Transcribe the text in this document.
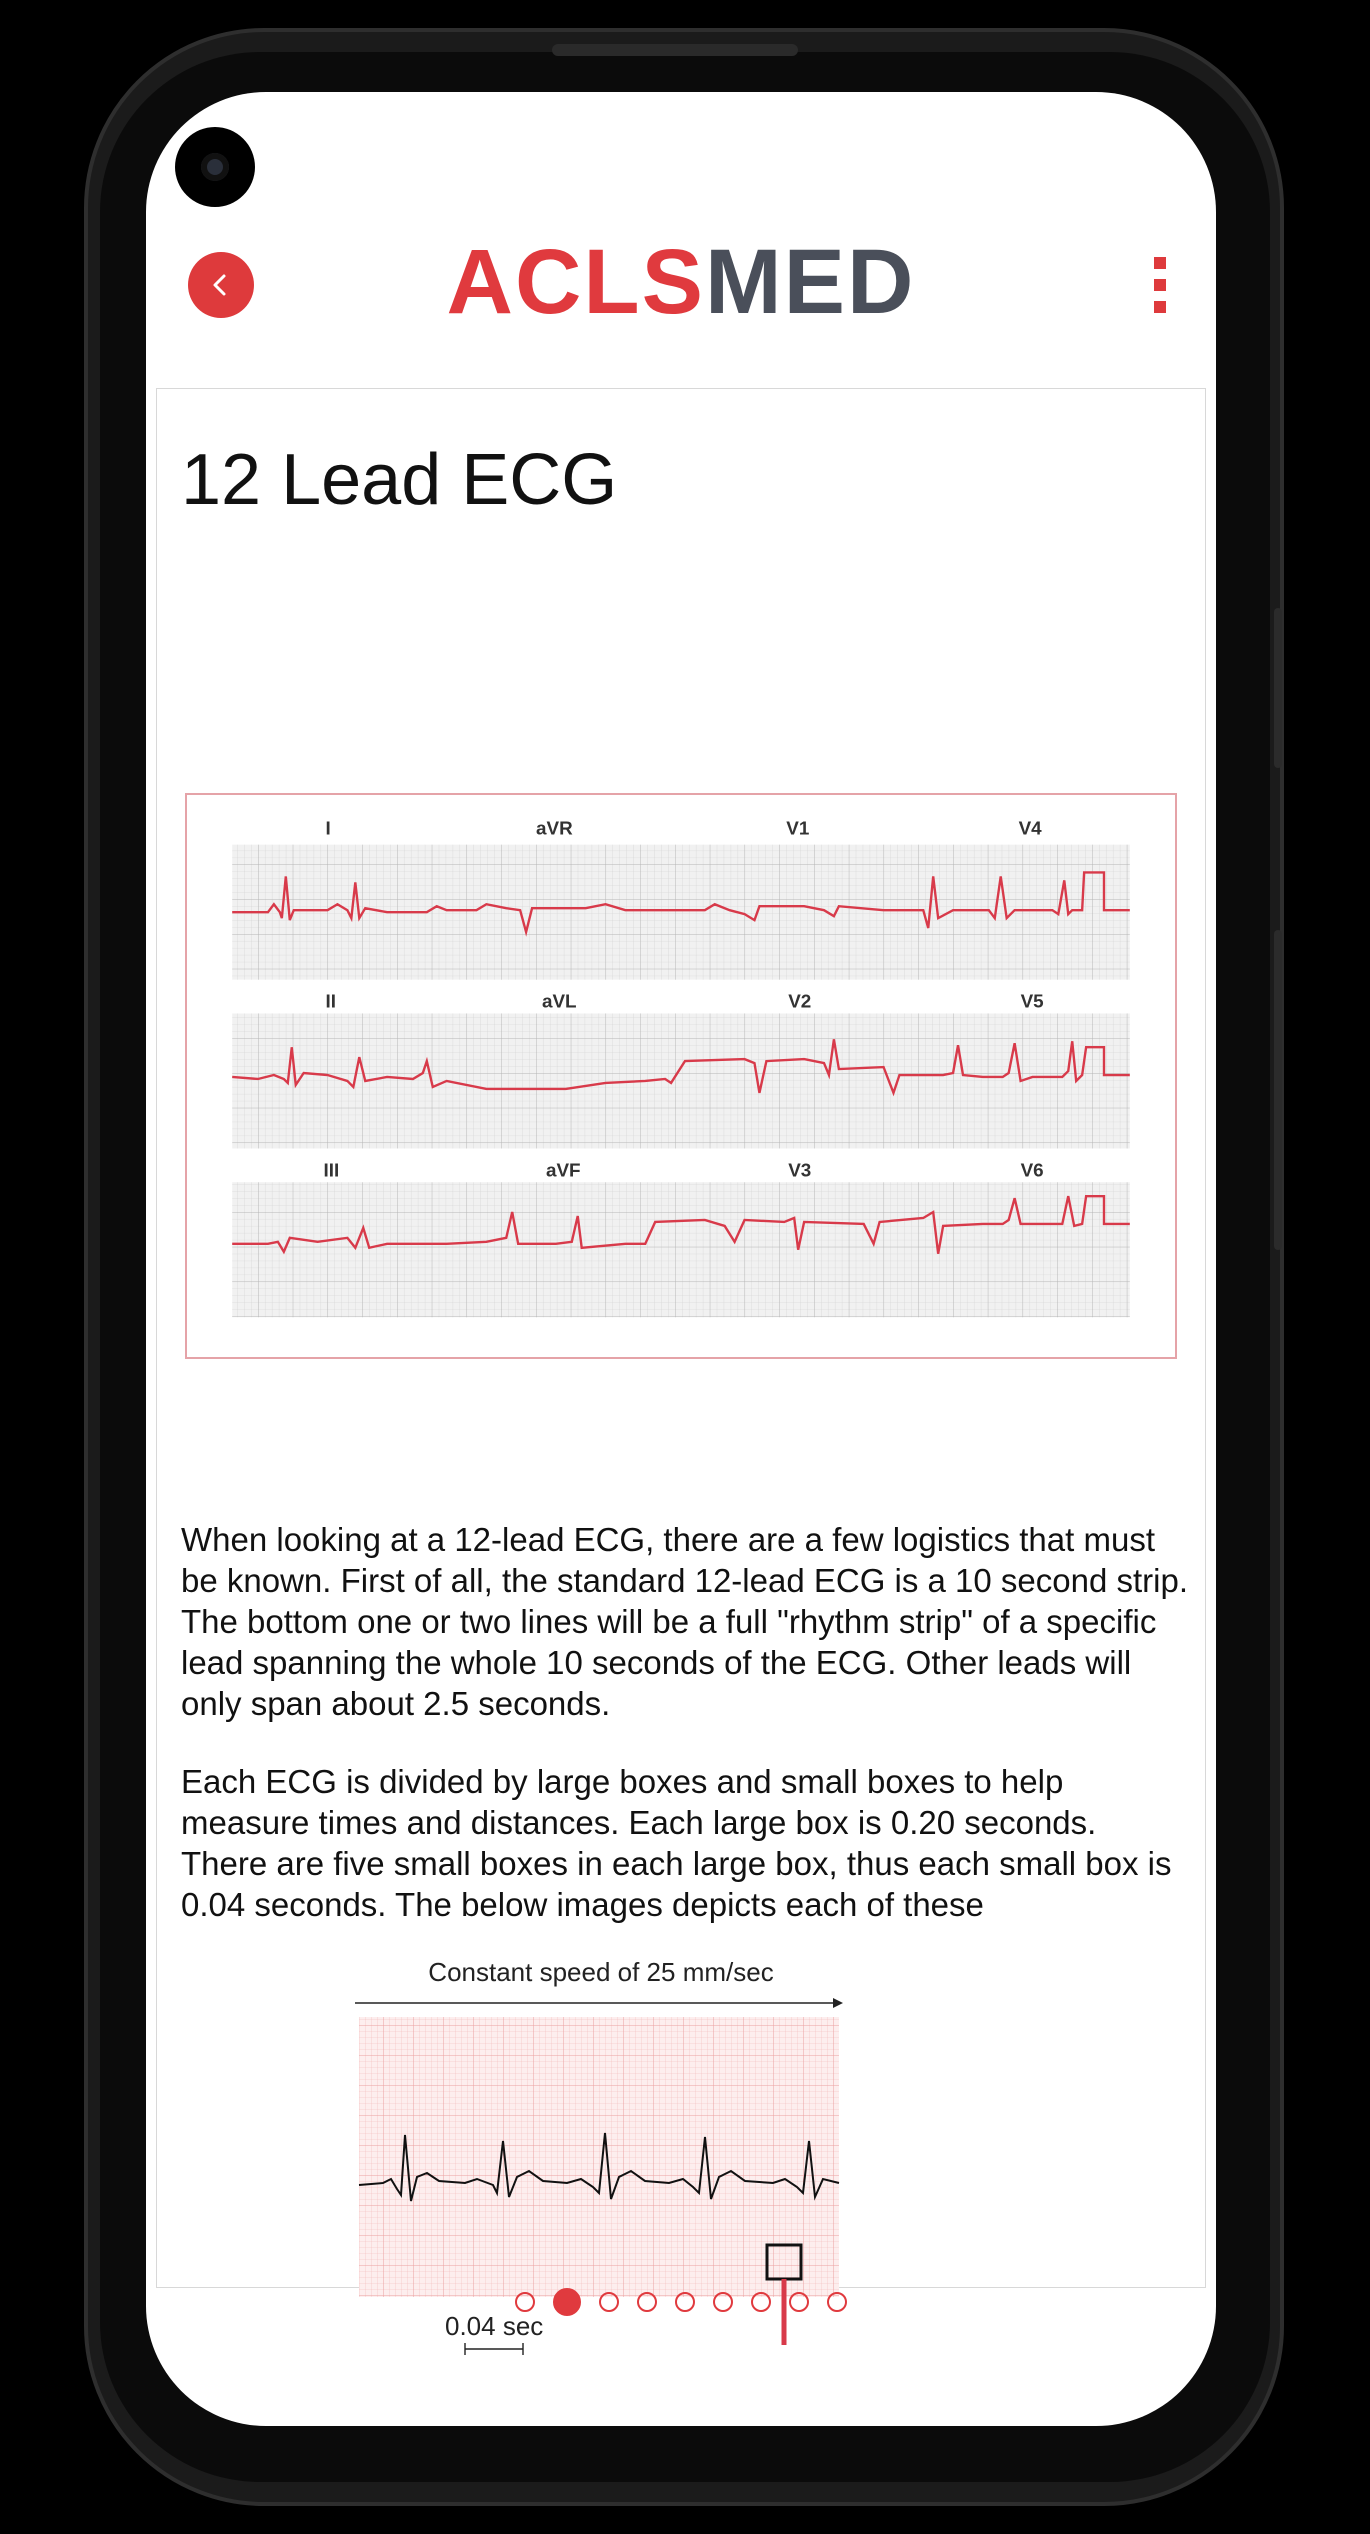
ACLSMED
12 Lead ECG
I	aVR	V1	V4
II	aVL	V2	V5
III	aVF	V3	V6

When looking at a 12-lead ECG, there are a few logistics that must be known. First of all, the standard 12-lead ECG is a 10 second strip. The bottom one or two lines will be a full "rhythm strip" of a specific lead spanning the whole 10 seconds of the ECG. Other leads will only span about 2.5 seconds.

Each ECG is divided by large boxes and small boxes to help measure times and distances. Each large box is 0.20 seconds. There are five small boxes in each large box, thus each small box is 0.04 seconds. The below images depicts each of these

Constant speed of 25 mm/sec
0.04 sec
